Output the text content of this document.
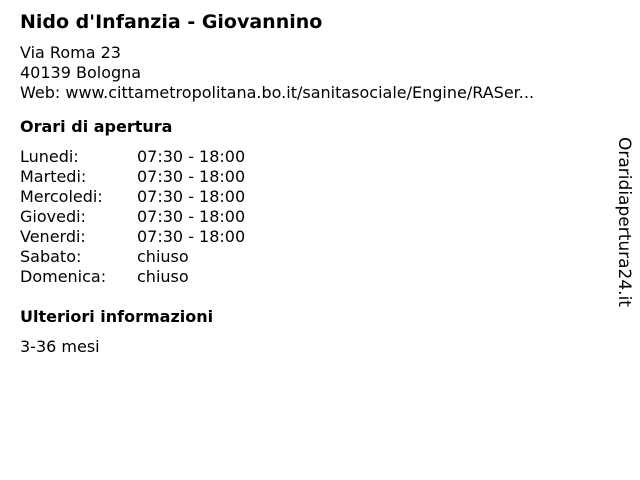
Nido d'Infanzia - Giovannino
Via Roma 23
40139 Bologna
Web: www.cittametropolitana.bo.it/sanitasociale/Engine/RASer...
Orari di apertura
Lunedi:	07:30 - 18:00
Martedi:	07:30 - 18:00
Mercoledi:	07:30 - 18:00
Giovedi:	07:30 - 18:00
Venerdi:	07:30 - 18:00
Sabato:	chiuso
Domenica:	chiuso
Ulteriori informazioni
3-36 mesi
Oraridiapertura24.it
